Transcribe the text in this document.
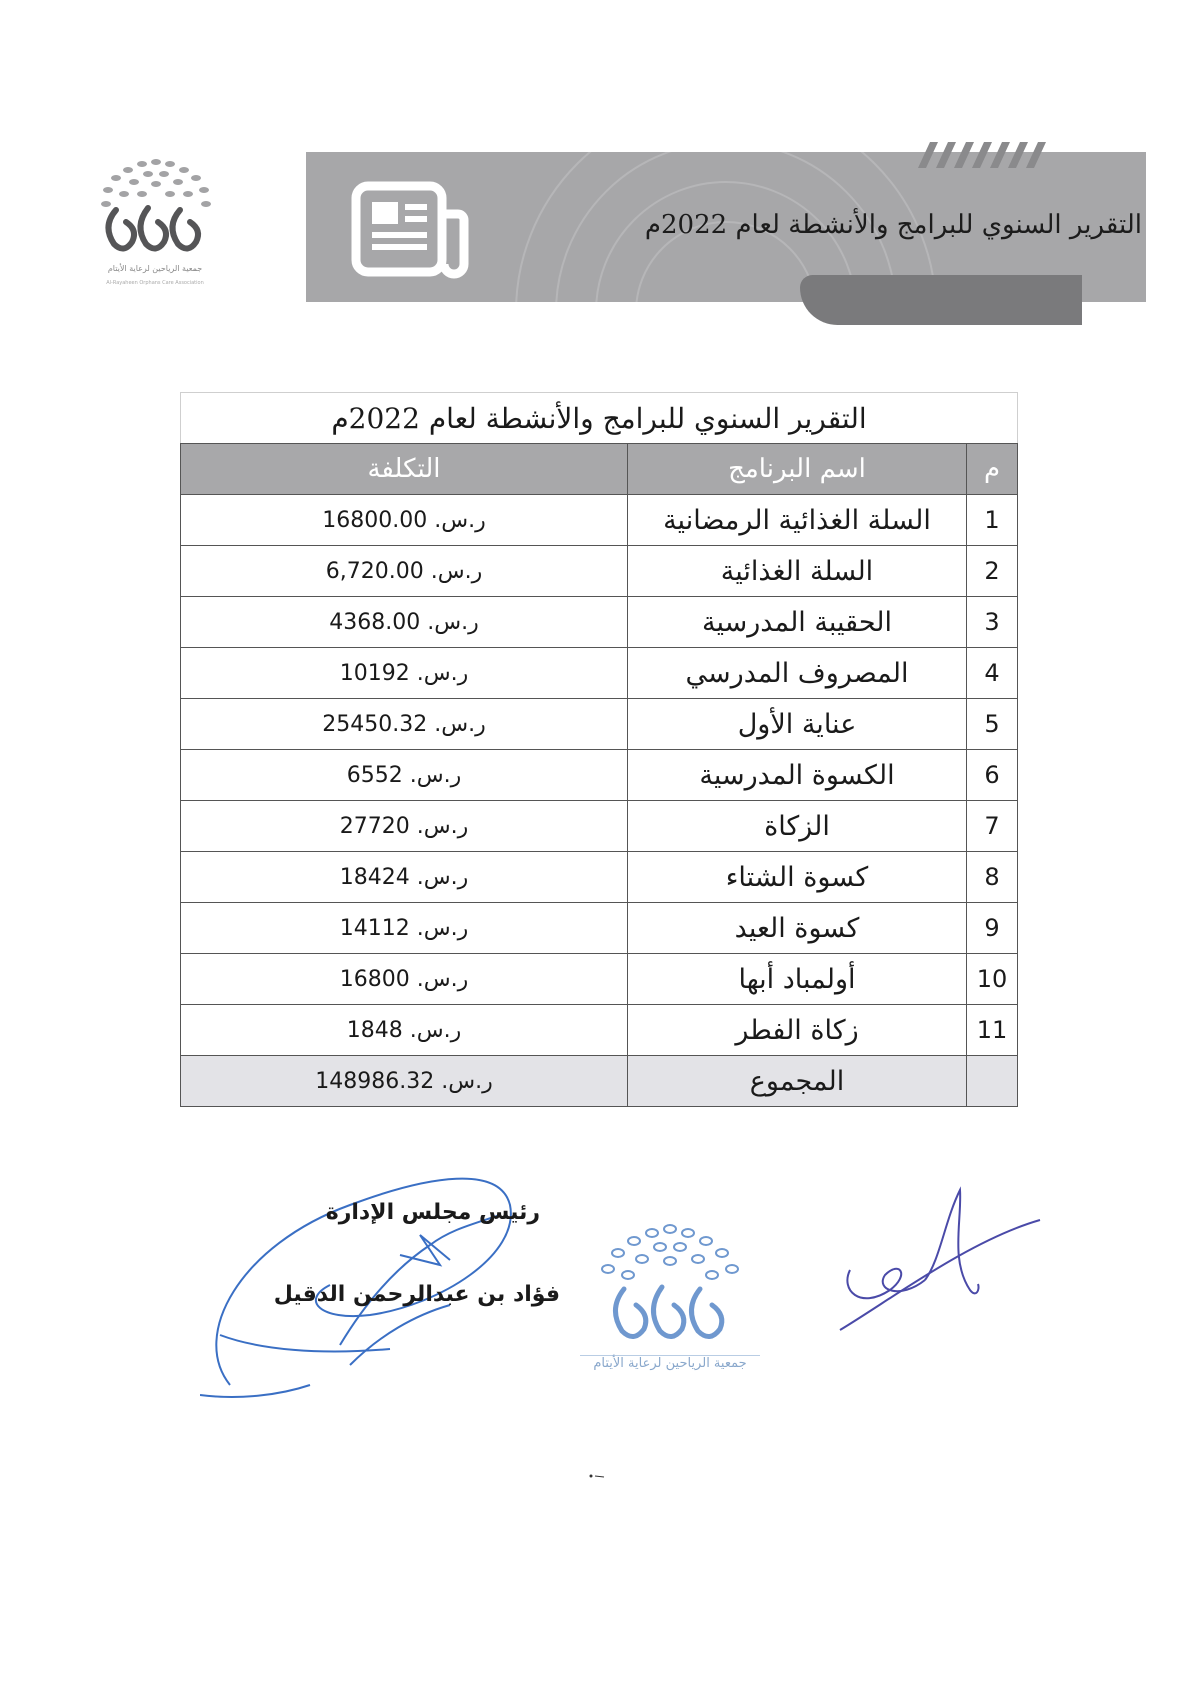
التقرير السنوي للبرامج والأنشطة لعام 2022م
جمعية الرياحين لرعاية الأيتام
Al-Rayaheen Orphans Care Association
التقرير السنوي للبرامج والأنشطة لعام 2022م		
م	اسم البرنامج	التكلفة
1	السلة الغذائية الرمضانية	ر.س. 16800.00
2	السلة الغذائية	ر.س. 6,720.00
3	الحقيبة المدرسية	ر.س. 4368.00
4	المصروف المدرسي	ر.س. 10192
5	عناية الأول	ر.س. 25450.32
6	الكسوة المدرسية	ر.س. 6552
7	الزكاة	ر.س. 27720
8	كسوة الشتاء	ر.س. 18424
9	كسوة العيد	ر.س. 14112
10	أولمباد أبها	ر.س. 16800
11	زكاة الفطر	ر.س. 1848
	المجموع	ر.س. 148986.32
رئيس مجلس الإدارة
فؤاد بن عبدالرحمن الدقيل
جمعية الرياحين لرعاية الأيتام
